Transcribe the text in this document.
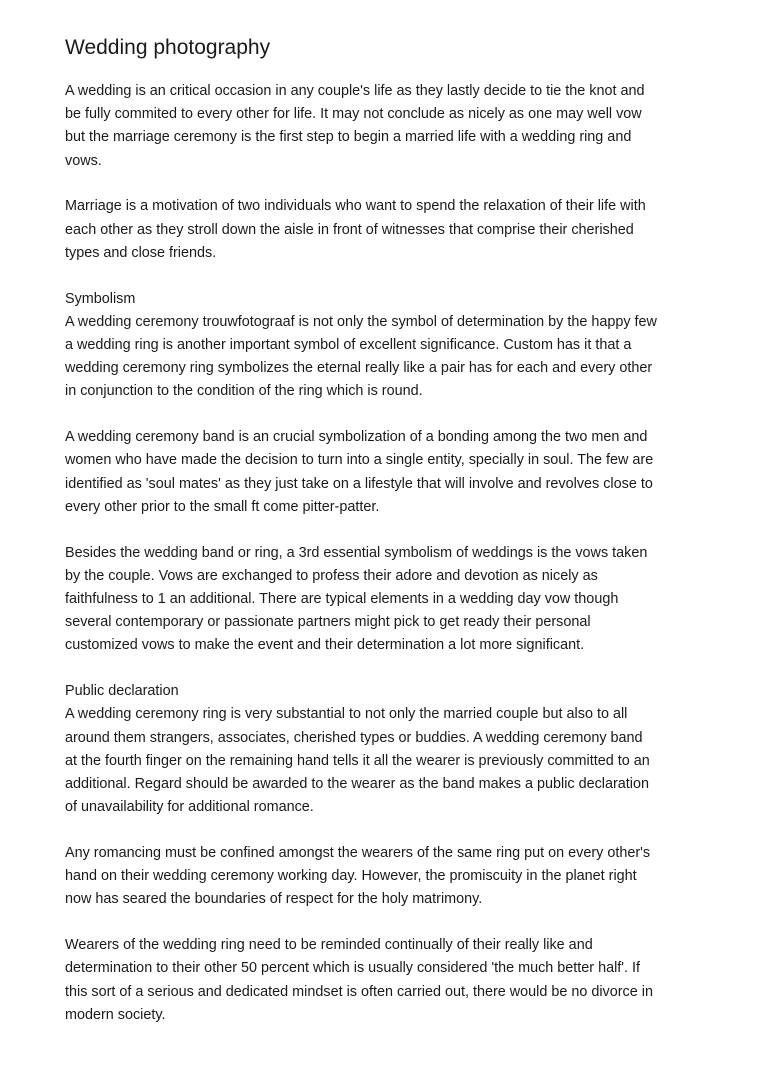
Wedding photography

A wedding is an critical occasion in any couple's life as they lastly decide to tie the knot and
be fully commited to every other for life. It may not conclude as nicely as one may well vow
but the marriage ceremony is the first step to begin a married life with a wedding ring and
vows.

Marriage is a motivation of two individuals who want to spend the relaxation of their life with
each other as they stroll down the aisle in front of witnesses that comprise their cherished
types and close friends.

Symbolism
A wedding ceremony trouwfotograaf is not only the symbol of determination by the happy few
a wedding ring is another important symbol of excellent significance. Custom has it that a
wedding ceremony ring symbolizes the eternal really like a pair has for each and every other
in conjunction to the condition of the ring which is round.

A wedding ceremony band is an crucial symbolization of a bonding among the two men and
women who have made the decision to turn into a single entity, specially in soul. The few are
identified as 'soul mates' as they just take on a lifestyle that will involve and revolves close to
every other prior to the small ft come pitter-patter.

Besides the wedding band or ring, a 3rd essential symbolism of weddings is the vows taken
by the couple. Vows are exchanged to profess their adore and devotion as nicely as
faithfulness to 1 an additional. There are typical elements in a wedding day vow though
several contemporary or passionate partners might pick to get ready their personal
customized vows to make the event and their determination a lot more significant.

Public declaration
A wedding ceremony ring is very substantial to not only the married couple but also to all
around them strangers, associates, cherished types or buddies. A wedding ceremony band
at the fourth finger on the remaining hand tells it all the wearer is previously committed to an
additional. Regard should be awarded to the wearer as the band makes a public declaration
of unavailability for additional romance.

Any romancing must be confined amongst the wearers of the same ring put on every other's
hand on their wedding ceremony working day. However, the promiscuity in the planet right
now has seared the boundaries of respect for the holy matrimony.

Wearers of the wedding ring need to be reminded continually of their really like and
determination to their other 50 percent which is usually considered 'the much better half'. If
this sort of a serious and dedicated mindset is often carried out, there would be no divorce in
modern society.
